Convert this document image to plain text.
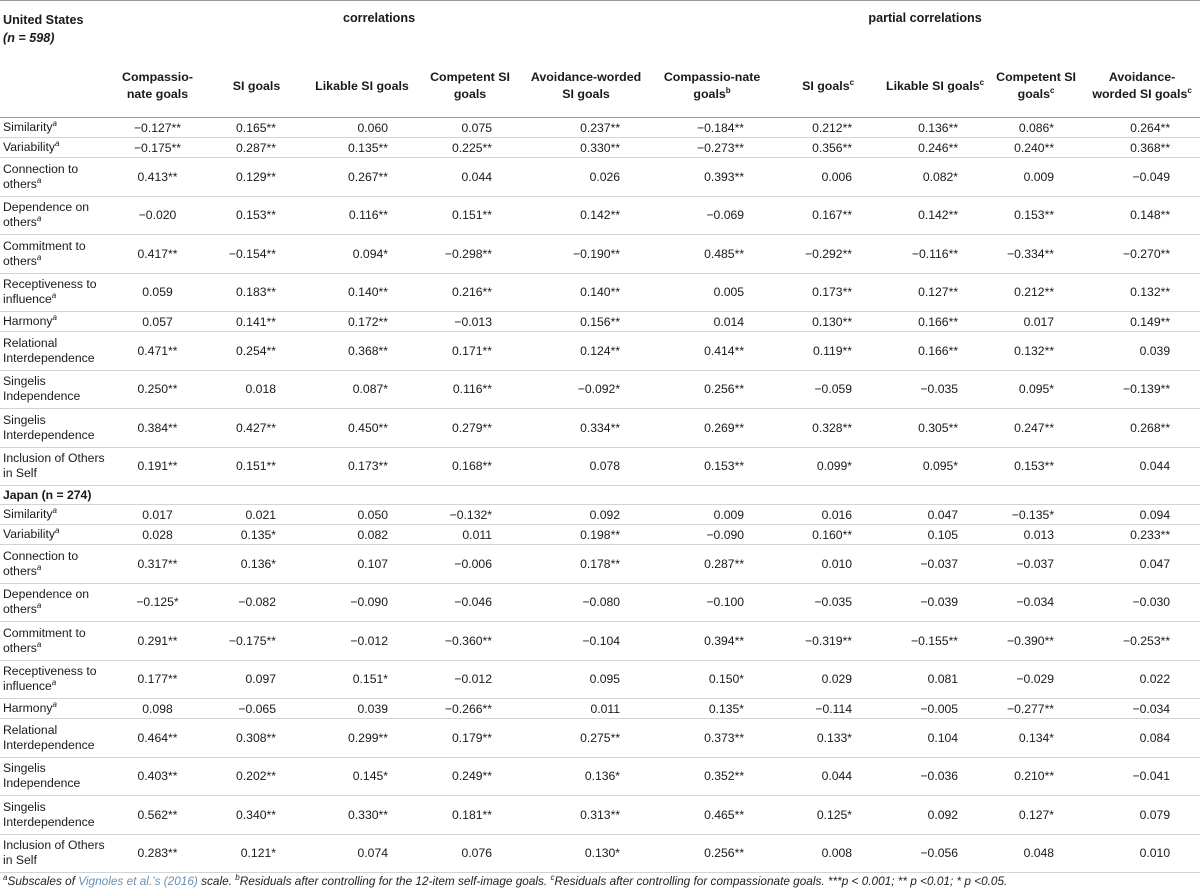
United States
(n = 598)	correlations					partial correlations				
	Compassio-nate goals	SI goals	Likable SI goals	Competent SI goals	Avoidance-worded SI goals	Compassio-nate goals$^b$	SI goals$^c$	Likable SI goals$^c$	Competent SI goals$^c$	Avoidance-worded SI goals$^c$
Similarity$^a$	−0.127**	0.165**	0.060	0.075	0.237**	−0.184**	0.212**	0.136**	0.086*	0.264**
Variability$^a$	−0.175**	0.287**	0.135**	0.225**	0.330**	−0.273**	0.356**	0.246**	0.240**	0.368**
Connection to others$^a$	0.413**	0.129**	0.267**	0.044	0.026	0.393**	0.006	0.082*	0.009	−0.049
Dependence on others$^a$	−0.020	0.153**	0.116**	0.151**	0.142**	−0.069	0.167**	0.142**	0.153**	0.148**
Commitment to others$^a$	0.417**	−0.154**	0.094*	−0.298**	−0.190**	0.485**	−0.292**	−0.116**	−0.334**	−0.270**
Receptiveness to influence$^a$	0.059	0.183**	0.140**	0.216**	0.140**	0.005	0.173**	0.127**	0.212**	0.132**
Harmony$^a$	0.057	0.141**	0.172**	−0.013	0.156**	0.014	0.130**	0.166**	0.017	0.149**
Relational Interdependence	0.471**	0.254**	0.368**	0.171**	0.124**	0.414**	0.119**	0.166**	0.132**	0.039
Singelis Independence	0.250**	0.018	0.087*	0.116**	−0.092*	0.256**	−0.059	−0.035	0.095*	−0.139**
Singelis Interdependence	0.384**	0.427**	0.450**	0.279**	0.334**	0.269**	0.328**	0.305**	0.247**	0.268**
Inclusion of Others in Self	0.191**	0.151**	0.173**	0.168**	0.078	0.153**	0.099*	0.095*	0.153**	0.044
Japan (n = 274)										
Similarity$^a$	0.017	0.021	0.050	−0.132*	0.092	0.009	0.016	0.047	−0.135*	0.094
Variability$^a$	0.028	0.135*	0.082	0.011	0.198**	−0.090	0.160**	0.105	0.013	0.233**
Connection to others$^a$	0.317**	0.136*	0.107	−0.006	0.178**	0.287**	0.010	−0.037	−0.037	0.047
Dependence on others$^a$	−0.125*	−0.082	−0.090	−0.046	−0.080	−0.100	−0.035	−0.039	−0.034	−0.030
Commitment to others$^a$	0.291**	−0.175**	−0.012	−0.360**	−0.104	0.394**	−0.319**	−0.155**	−0.390**	−0.253**
Receptiveness to influence$^a$	0.177**	0.097	0.151*	−0.012	0.095	0.150*	0.029	0.081	−0.029	0.022
Harmony$^a$	0.098	−0.065	0.039	−0.266**	0.011	0.135*	−0.114	−0.005	−0.277**	−0.034
Relational Interdependence	0.464**	0.308**	0.299**	0.179**	0.275**	0.373**	0.133*	0.104	0.134*	0.084
Singelis Independence	0.403**	0.202**	0.145*	0.249**	0.136*	0.352**	0.044	−0.036	0.210**	−0.041
Singelis Interdependence	0.562**	0.340**	0.330**	0.181**	0.313**	0.465**	0.125*	0.092	0.127*	0.079
Inclusion of Others in Self	0.283**	0.121*	0.074	0.076	0.130*	0.256**	0.008	−0.056	0.048	0.010
$^a$Subscales of Vignoles et al.’s (2016) scale. $^b$Residuals after controlling for the 12-item self-image goals. $^c$Residuals after controlling for compassionate goals. ***p < 0.001; ** p <0.01; * p <0.05.
